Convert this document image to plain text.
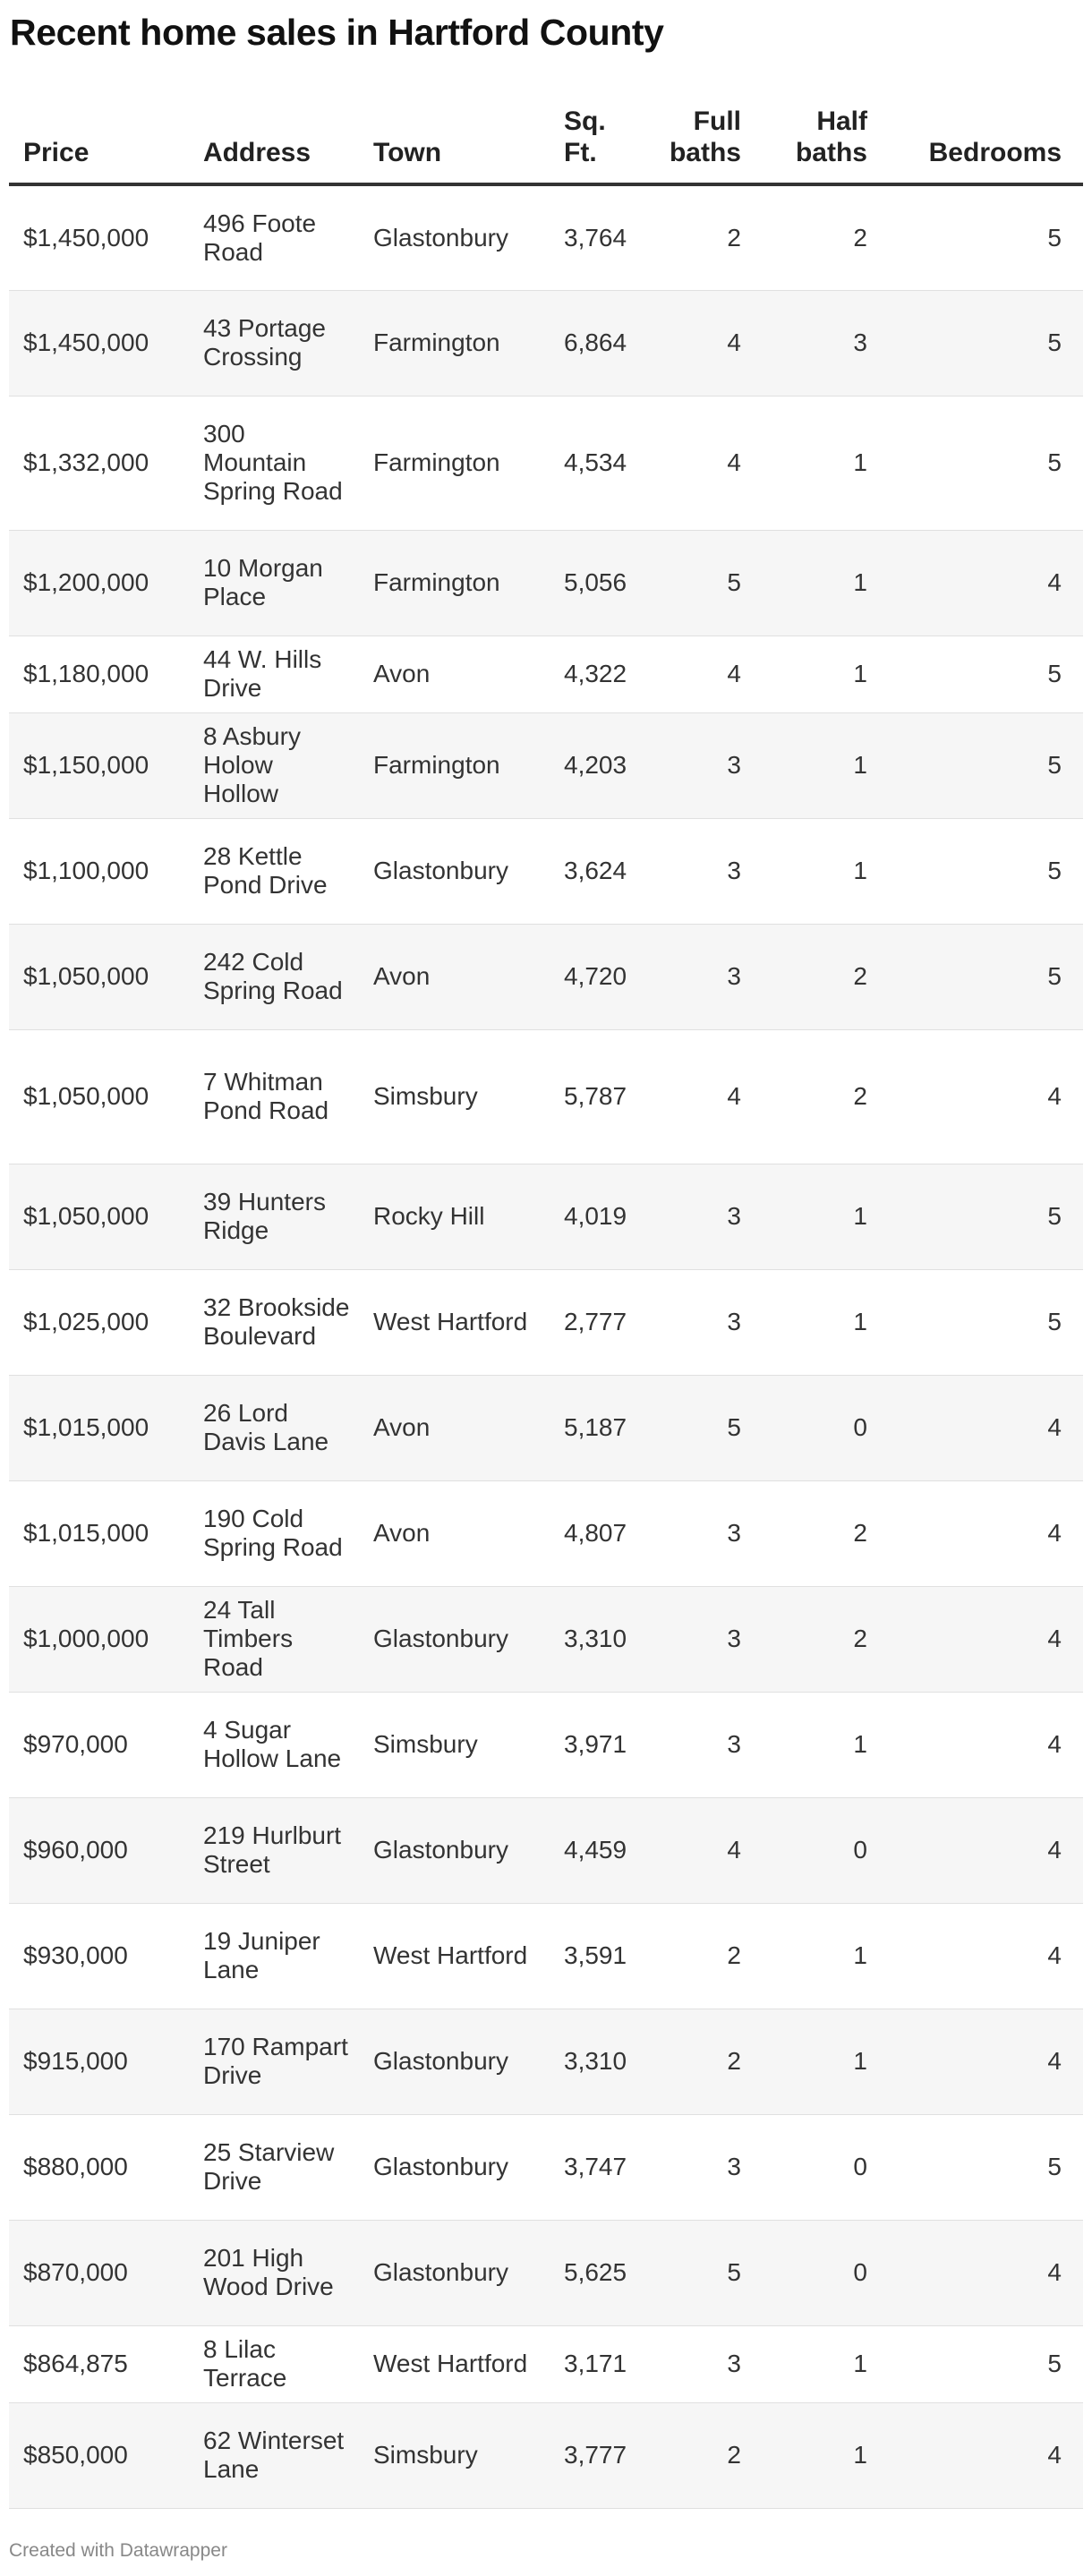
Recent home sales in Hartford County
Price	Address	Town	Sq. Ft.	Full baths	Half baths	Bedrooms
$1,450,000	496 Foote Road	Glastonbury	3,764	2	2	5
$1,450,000	43 Portage Crossing	Farmington	6,864	4	3	5
$1,332,000	300 Mountain Spring Road	Farmington	4,534	4	1	5
$1,200,000	10 Morgan Place	Farmington	5,056	5	1	4
$1,180,000	44 W. Hills Drive	Avon	4,322	4	1	5
$1,150,000	8 Asbury Holow Hollow	Farmington	4,203	3	1	5
$1,100,000	28 Kettle Pond Drive	Glastonbury	3,624	3	1	5
$1,050,000	242 Cold Spring Road	Avon	4,720	3	2	5
$1,050,000	7 Whitman Pond Road	Simsbury	5,787	4	2	4
$1,050,000	39 Hunters Ridge	Rocky Hill	4,019	3	1	5
$1,025,000	32 Brookside Boulevard	West Hartford	2,777	3	1	5
$1,015,000	26 Lord Davis Lane	Avon	5,187	5	0	4
$1,015,000	190 Cold Spring Road	Avon	4,807	3	2	4
$1,000,000	24 Tall Timbers Road	Glastonbury	3,310	3	2	4
$970,000	4 Sugar Hollow Lane	Simsbury	3,971	3	1	4
$960,000	219 Hurlburt Street	Glastonbury	4,459	4	0	4
$930,000	19 Juniper Lane	West Hartford	3,591	2	1	4
$915,000	170 Rampart Drive	Glastonbury	3,310	2	1	4
$880,000	25 Starview Drive	Glastonbury	3,747	3	0	5
$870,000	201 High Wood Drive	Glastonbury	5,625	5	0	4
$864,875	8 Lilac Terrace	West Hartford	3,171	3	1	5
$850,000	62 Winterset Lane	Simsbury	3,777	2	1	4
Created with Datawrapper
